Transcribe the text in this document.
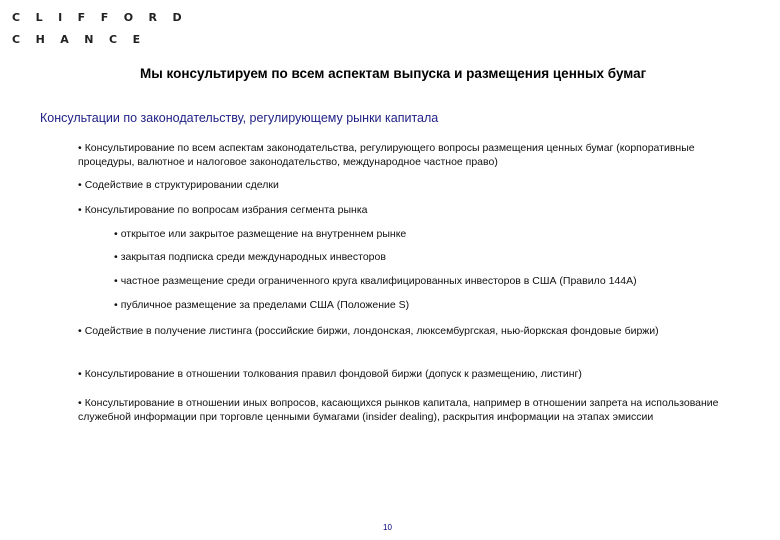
CLIFFORD
CHANCE
Мы консультируем по всем аспектам выпуска и размещения ценных бумаг
Консультации по законодательству, регулирующему рынки капитала
• Консультирование по всем аспектам законодательства, регулирующего вопросы размещения ценных бумаг (корпоративные процедуры, валютное и налоговое законодательство, международное частное право)
• Содействие в структурировании сделки
• Консультирование по вопросам избрания сегмента рынка
• открытое или закрытое размещение на внутреннем рынке
• закрытая подписка среди международных инвесторов
• частное размещение среди ограниченного круга квалифицированных инвесторов в США (Правило 144A)
• публичное размещение за пределами США (Положение S)
• Содействие в получение листинга (российские биржи, лондонская, люксембургская, нью-йоркская фондовые биржи)
• Консультирование в отношении толкования правил фондовой биржи (допуск к размещению, листинг)
• Консультирование в отношении иных вопросов, касающихся рынков капитала, например в отношении запрета на использование служебной информации при торговле ценными бумагами (insider dealing), раскрытия информации на этапах эмиссии
10
